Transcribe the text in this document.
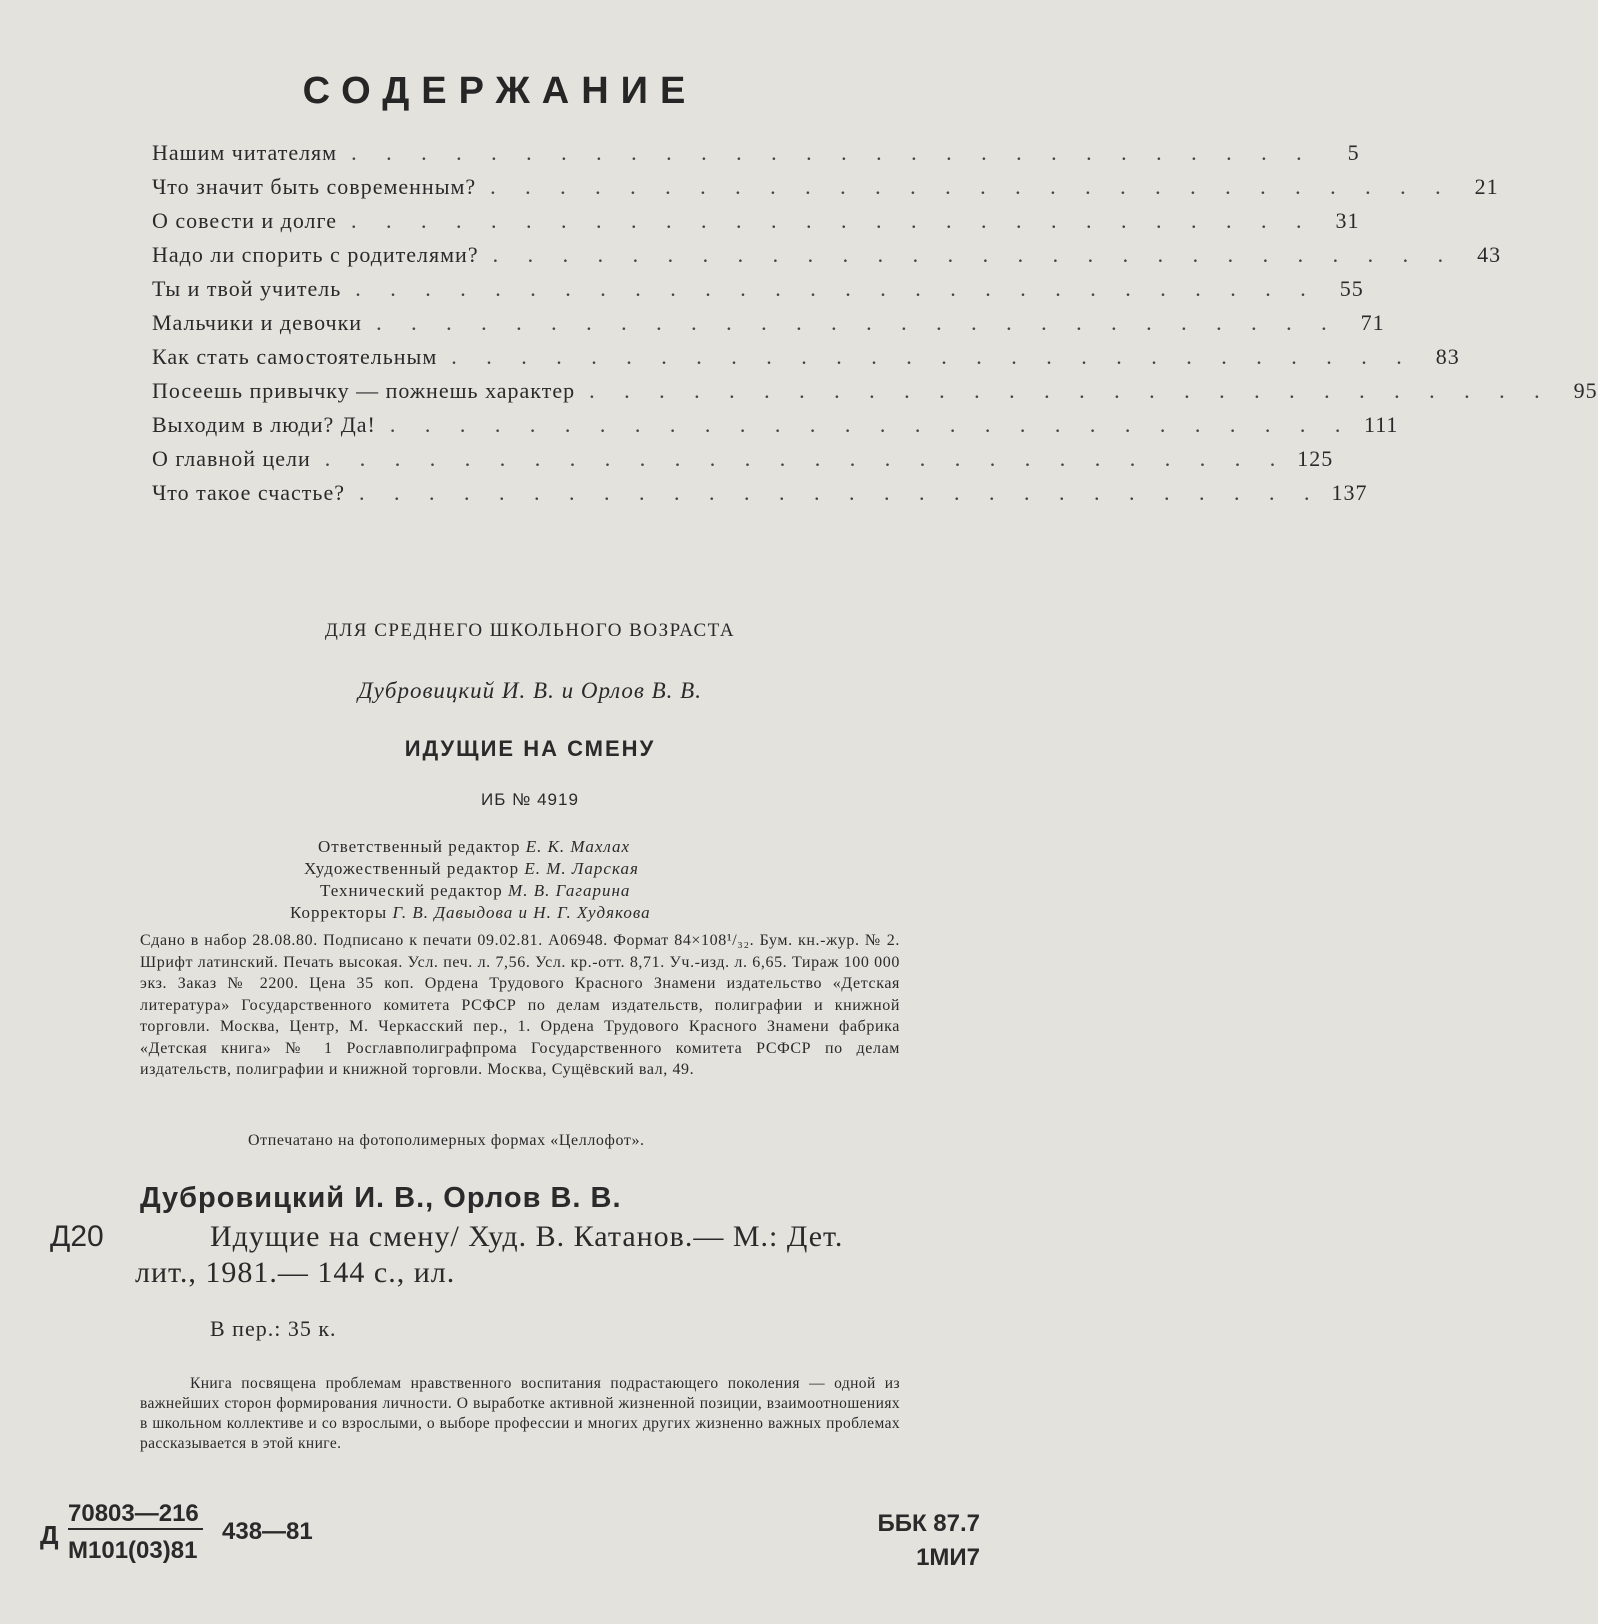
СОДЕРЖАНИЕ
Нашим читателям . . . . . . . . . . . . . . . . . . . . . . . . . . . .	5
Что значит быть современным? . . . . . . . . . . . . . . . . . . . . . . . . . . . .	21
О совести и долге . . . . . . . . . . . . . . . . . . . . . . . . . . . .	31
Надо ли спорить с родителями? . . . . . . . . . . . . . . . . . . . . . . . . . . . .	43
Ты и твой учитель . . . . . . . . . . . . . . . . . . . . . . . . . . . .	55
Мальчики и девочки . . . . . . . . . . . . . . . . . . . . . . . . . . . .	71
Как стать самостоятельным . . . . . . . . . . . . . . . . . . . . . . . . . . . .	83
Посеешь привычку — пожнешь характер . . . . . . . . . . . . . . . . . . . . . . . . . . . .	95
Выходим в люди? Да! . . . . . . . . . . . . . . . . . . . . . . . . . . . . 111
О главной цели . . . . . . . . . . . . . . . . . . . . . . . . . . . . 125
Что такое счастье? . . . . . . . . . . . . . . . . . . . . . . . . . . . . 137
ДЛЯ СРЕДНЕГО ШКОЛЬНОГО ВОЗРАСТА
Дубровицкий И. В. и Орлов В. В.
ИДУЩИЕ НА СМЕНУ
ИБ № 4919
Ответственный редактор Е. К. Махлах
Художественный редактор Е. М. Ларская
Технический редактор М. В. Гагарина
Корректоры Г. В. Давыдова и Н. Г. Худякова
Сдано в набор 28.08.80. Подписано к печати 09.02.81. А06948. Формат 84×108¹/₃₂. Бум. кн.-жур. № 2. Шрифт латинский. Печать высокая. Усл. печ. л. 7,56. Усл. кр.-отт. 8,71. Уч.-изд. л. 6,65. Тираж 100 000 экз. Заказ № 2200. Цена 35 коп. Ордена Трудового Красного Знамени издательство «Детская литература» Государственного комитета РСФСР по делам издательств, полиграфии и книжной торговли. Москва, Центр, М. Черкасский пер., 1. Ордена Трудового Красного Знамени фабрика «Детская книга» № 1 Росглавполиграфпрома Государственного комитета РСФСР по делам издательств, полиграфии и книжной торговли. Москва, Сущёвский вал, 49.
Отпечатано на фотополимерных формах «Целлофот».
Дубровицкий И. В., Орлов В. В.
Д20	Идущие на смену/ Худ. В. Катанов.— М.: Дет.
лит., 1981.— 144 с., ил.
В пер.: 35 к.
Книга посвящена проблемам нравственного воспитания подрастающего поколения — одной из важнейших сторон формирования личности. О выработке активной жизненной позиции, взаимоотношениях в школьном коллективе и со взрослыми, о выборе профессии и многих других жизненно важных проблемах рассказывается в этой книге.
Д
70803—216
М101(03)81
438—81	ББК 87.7
1МИ7
